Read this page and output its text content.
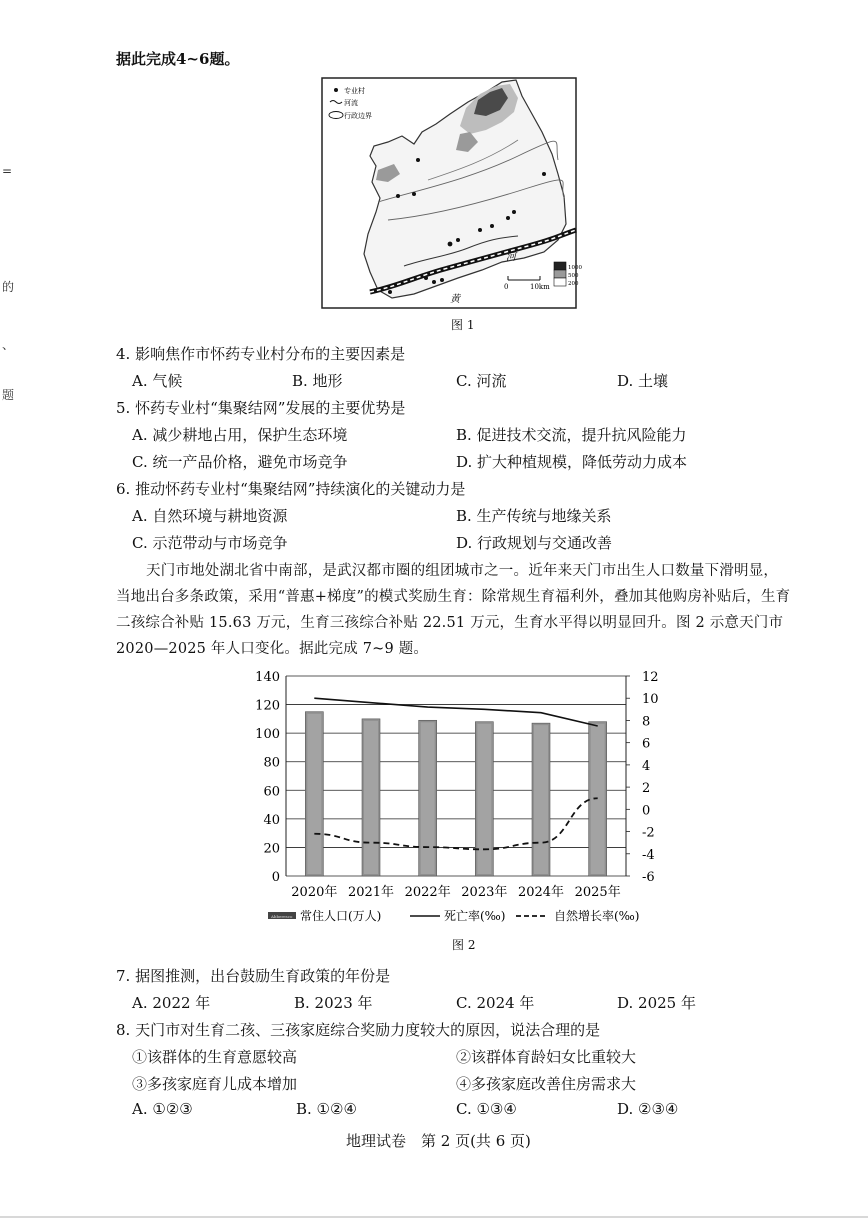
据此完成4~6题。
=
的
、
题
专业村
河流
行政边界
河
黄
0	10km
1000
500
200
图 1
4. 影响焦作市怀药专业村分布的主要因素是
A. 气候	B. 地形	C. 河流	D. 土壤
5. 怀药专业村“集聚结网”发展的主要优势是
A. 减少耕地占用，保护生态环境	B. 促进技术交流，提升抗风险能力
C. 统一产品价格，避免市场竞争	D. 扩大种植规模，降低劳动力成本
6. 推动怀药专业村“集聚结网”持续演化的关键动力是
A. 自然环境与耕地资源	B. 生产传统与地缘关系
C. 示范带动与市场竞争	D. 行政规划与交通改善
天门市地处湖北省中南部，是武汉都市圈的组团城市之一。近年来天门市出生人口数量下滑明显，
当地出台多条政策，采用“普惠+梯度”的模式奖励生育：除常规生育福利外，叠加其他购房补贴后，生育
二孩综合补贴 15.63 万元，生育三孩综合补贴 22.51 万元，生育水平得以明显回升。图 2 示意天门市
2020—2025 年人口变化。据此完成 7~9 题。
0
20
40
60
80
100
120
140
-6
-4
-2
0
2
4
6
8
10
12
2020年 2021年 2022年 2023年 2024年 2025年
Abberesco 常住人口(万人)	死亡率(‰)	自然增长率(‰)
图 2
7. 据图推测，出台鼓励生育政策的年份是
A. 2022 年	B. 2023 年	C. 2024 年	D. 2025 年
8. 天门市对生育二孩、三孩家庭综合奖励力度较大的原因，说法合理的是
①该群体的生育意愿较高	②该群体育龄妇女比重较大
③多孩家庭育儿成本增加	④多孩家庭改善住房需求大
A. ①②③	B. ①②④	C. ①③④	D. ②③④
地理试卷　第 2 页(共 6 页)
